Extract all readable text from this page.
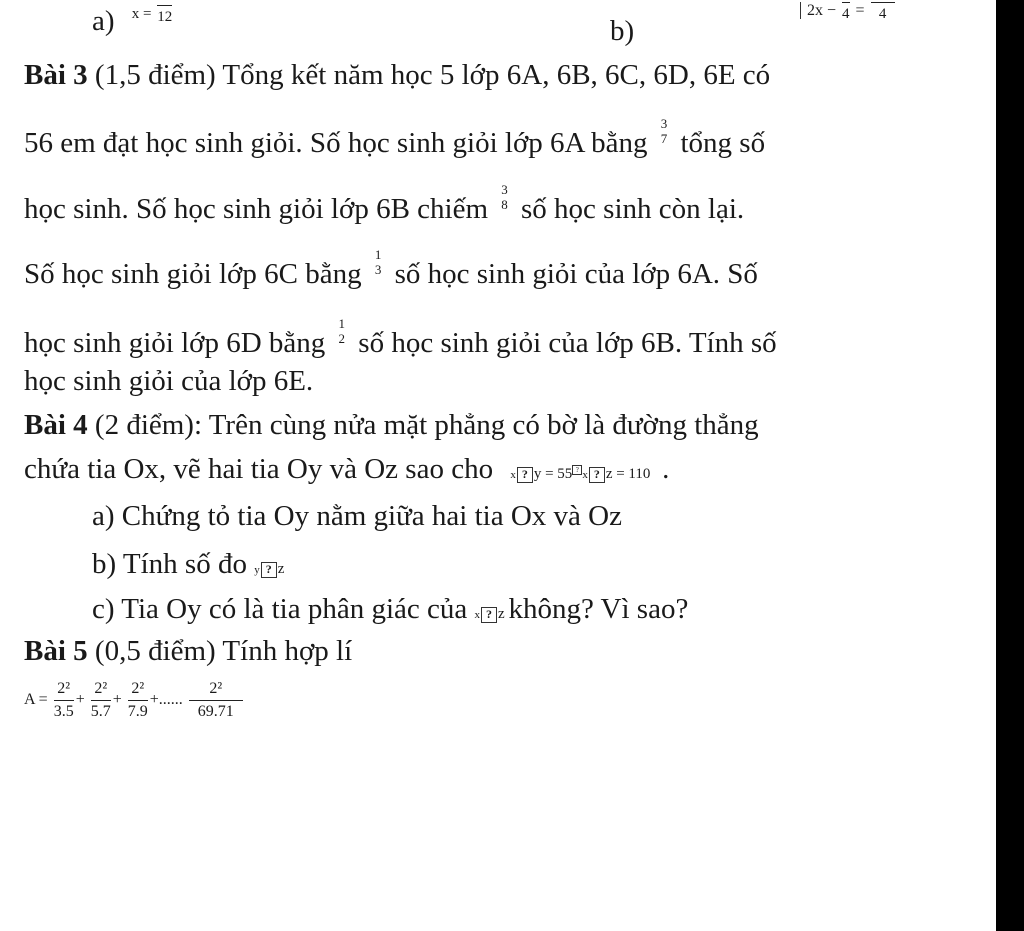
a) $^{x = 12}$	b)
2x − 4 = 4
Bài 3 (1,5 điểm) Tổng kết năm học 5 lớp 6A, 6B, 6C, 6D, 6E có
56 em đạt học sinh giỏi. Số học sinh giỏi lớp 6A bằng
3
7 tổng số
học sinh. Số học sinh giỏi lớp 6B chiếm
3
8 số học sinh còn lại.
Số học sinh giỏi lớp 6C bằng
1
3 số học sinh giỏi của lớp 6A. Số
học sinh giỏi lớp 6D bằng
1
2 số học sinh giỏi của lớp 6B. Tính số
học sinh giỏi của lớp 6E.
Bài 4 (2 điểm): Trên cùng nửa mặt phẳng có bờ là đường thẳng
chứa tia Ox, vẽ hai tia Oy và Oz sao cho x ? y = 55 ? x ? z = 110 .
a) Chứng tỏ tia Oy nằm giữa hai tia Ox và Oz
b) Tính số đo y ? z
c) Tia Oy có là tia phân giác của x ? z không? Vì sao?
Bài 5 (0,5 điểm) Tính hợp lí
$A = \frac{\text{2²}}{3.5} + \frac{\text{2²}}{5.7} + \frac{\text{2²}}{7.9}$ +...... $\frac{\text{2²}}{69.71}$
